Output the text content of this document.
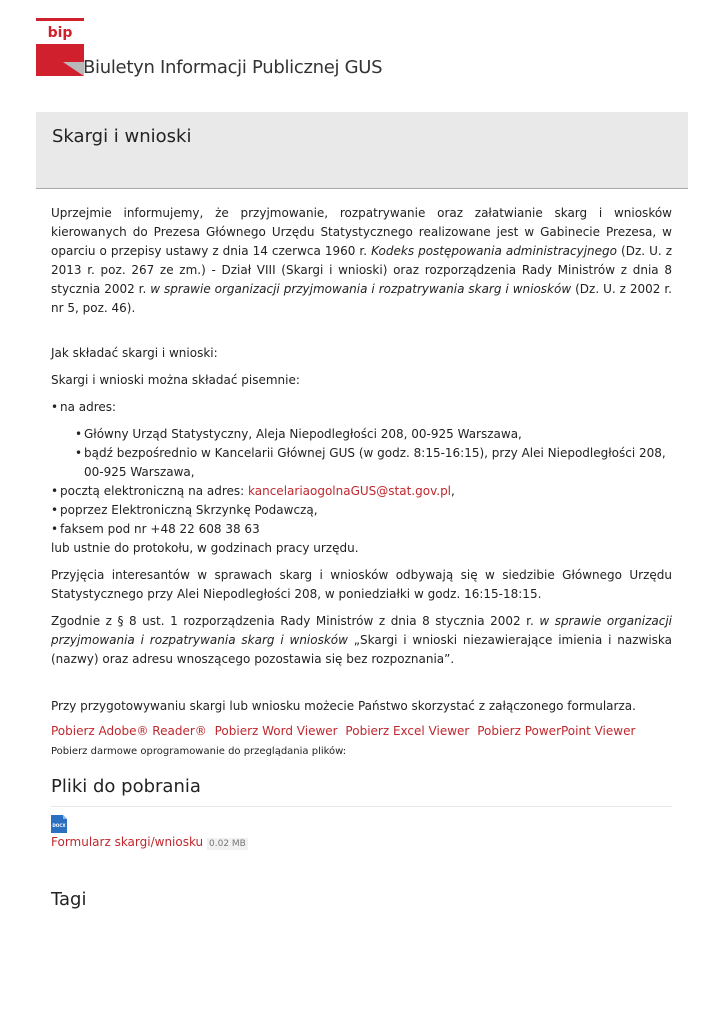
bip
Biuletyn Informacji Publicznej GUS
Skargi i wnioski

Uprzejmie informujemy, że przyjmowanie, rozpatrywanie oraz załatwianie skarg i wniosków kierowanych do Prezesa Głównego Urzędu Statystycznego realizowane jest w Gabinecie Prezesa, w oparciu o przepisy ustawy z dnia 14 czerwca 1960 r. Kodeks postępowania administracyjnego (Dz. U. z 2013 r. poz. 267 ze zm.) - Dział VIII (Skargi i wnioski) oraz rozporządzenia Rady Ministrów z dnia 8 stycznia 2002 r. w sprawie organizacji przyjmowania i rozpatrywania skarg i wniosków (Dz. U. z 2002 r. nr 5, poz. 46).

Jak składać skargi i wnioski:

Skargi i wnioski można składać pisemnie:

• na adres:
• Główny Urząd Statystyczny, Aleja Niepodległości 208, 00-925 Warszawa,
• bądź bezpośrednio w Kancelarii Głównej GUS (w godz. 8:15-16:15), przy Alei Niepodległości 208, 00-925 Warszawa,
• pocztą elektroniczną na adres: kancelariaogolnaGUS@stat.gov.pl,
• poprzez Elektroniczną Skrzynkę Podawczą,
• faksem pod nr +48 22 608 38 63

lub ustnie do protokołu, w godzinach pracy urzędu.

Przyjęcia interesantów w sprawach skarg i wniosków odbywają się w siedzibie Głównego Urzędu Statystycznego przy Alei Niepodległości 208, w poniedziałki w godz. 16:15-18:15.

Zgodnie z § 8 ust. 1 rozporządzenia Rady Ministrów z dnia 8 stycznia 2002 r. w sprawie organizacji przyjmowania i rozpatrywania skarg i wniosków „Skargi i wnioski niezawierające imienia i nazwiska (nazwy) oraz adresu wnoszącego pozostawia się bez rozpoznania”.

Przy przygotowywaniu skargi lub wniosku możecie Państwo skorzystać z załączonego formularza.

Pobierz Adobe® Reader® Pobierz Word Viewer Pobierz Excel Viewer Pobierz PowerPoint Viewer Pobierz darmowe oprogramowanie do przeglądania plików:
Pliki do pobrania
DOCX
Formularz skargi/wniosku 0.02 MB
Tagi
